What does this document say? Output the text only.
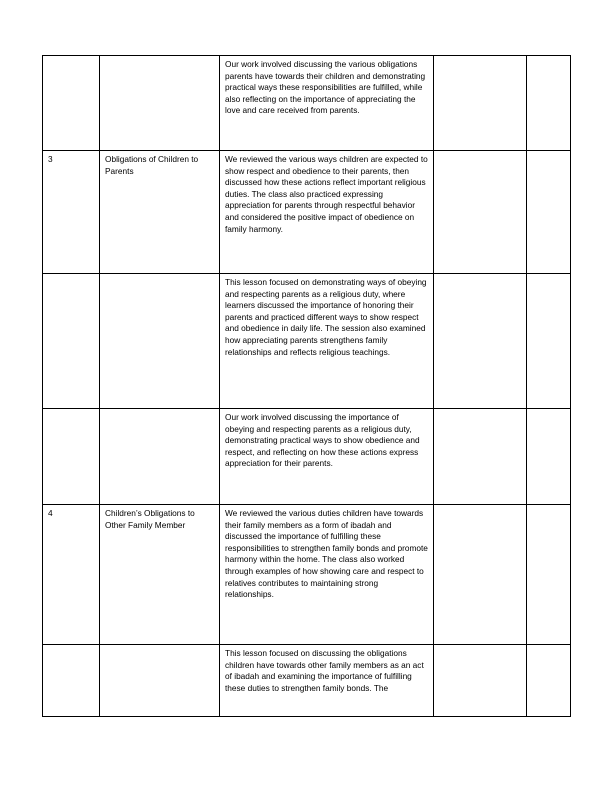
		Our work involved discussing the various obligations parents have towards their children and demonstrating practical ways these responsibilities are fulfilled, while also reflecting on the importance of appreciating the love and care received from parents.		
3	Obligations of Children to Parents	We reviewed the various ways children are expected to show respect and obedience to their parents, then discussed how these actions reflect important religious duties. The class also practiced expressing appreciation for parents through respectful behavior and considered the positive impact of obedience on family harmony.		
		This lesson focused on demonstrating ways of obeying and respecting parents as a religious duty, where learners discussed the importance of honoring their parents and practiced different ways to show respect and obedience in daily life. The session also examined how appreciating parents strengthens family relationships and reflects religious teachings.		
		Our work involved discussing the importance of obeying and respecting parents as a religious duty, demonstrating practical ways to show obedience and respect, and reflecting on how these actions express appreciation for their parents.		
4	Children’s Obligations to Other Family Member	We reviewed the various duties children have towards their family members as a form of ibadah and discussed the importance of fulfilling these responsibilities to strengthen family bonds and promote harmony within the home. The class also worked through examples of how showing care and respect to relatives contributes to maintaining strong relationships.		
		This lesson focused on discussing the obligations children have towards other family members as an act of ibadah and examining the importance of fulfilling these duties to strengthen family bonds. The		
